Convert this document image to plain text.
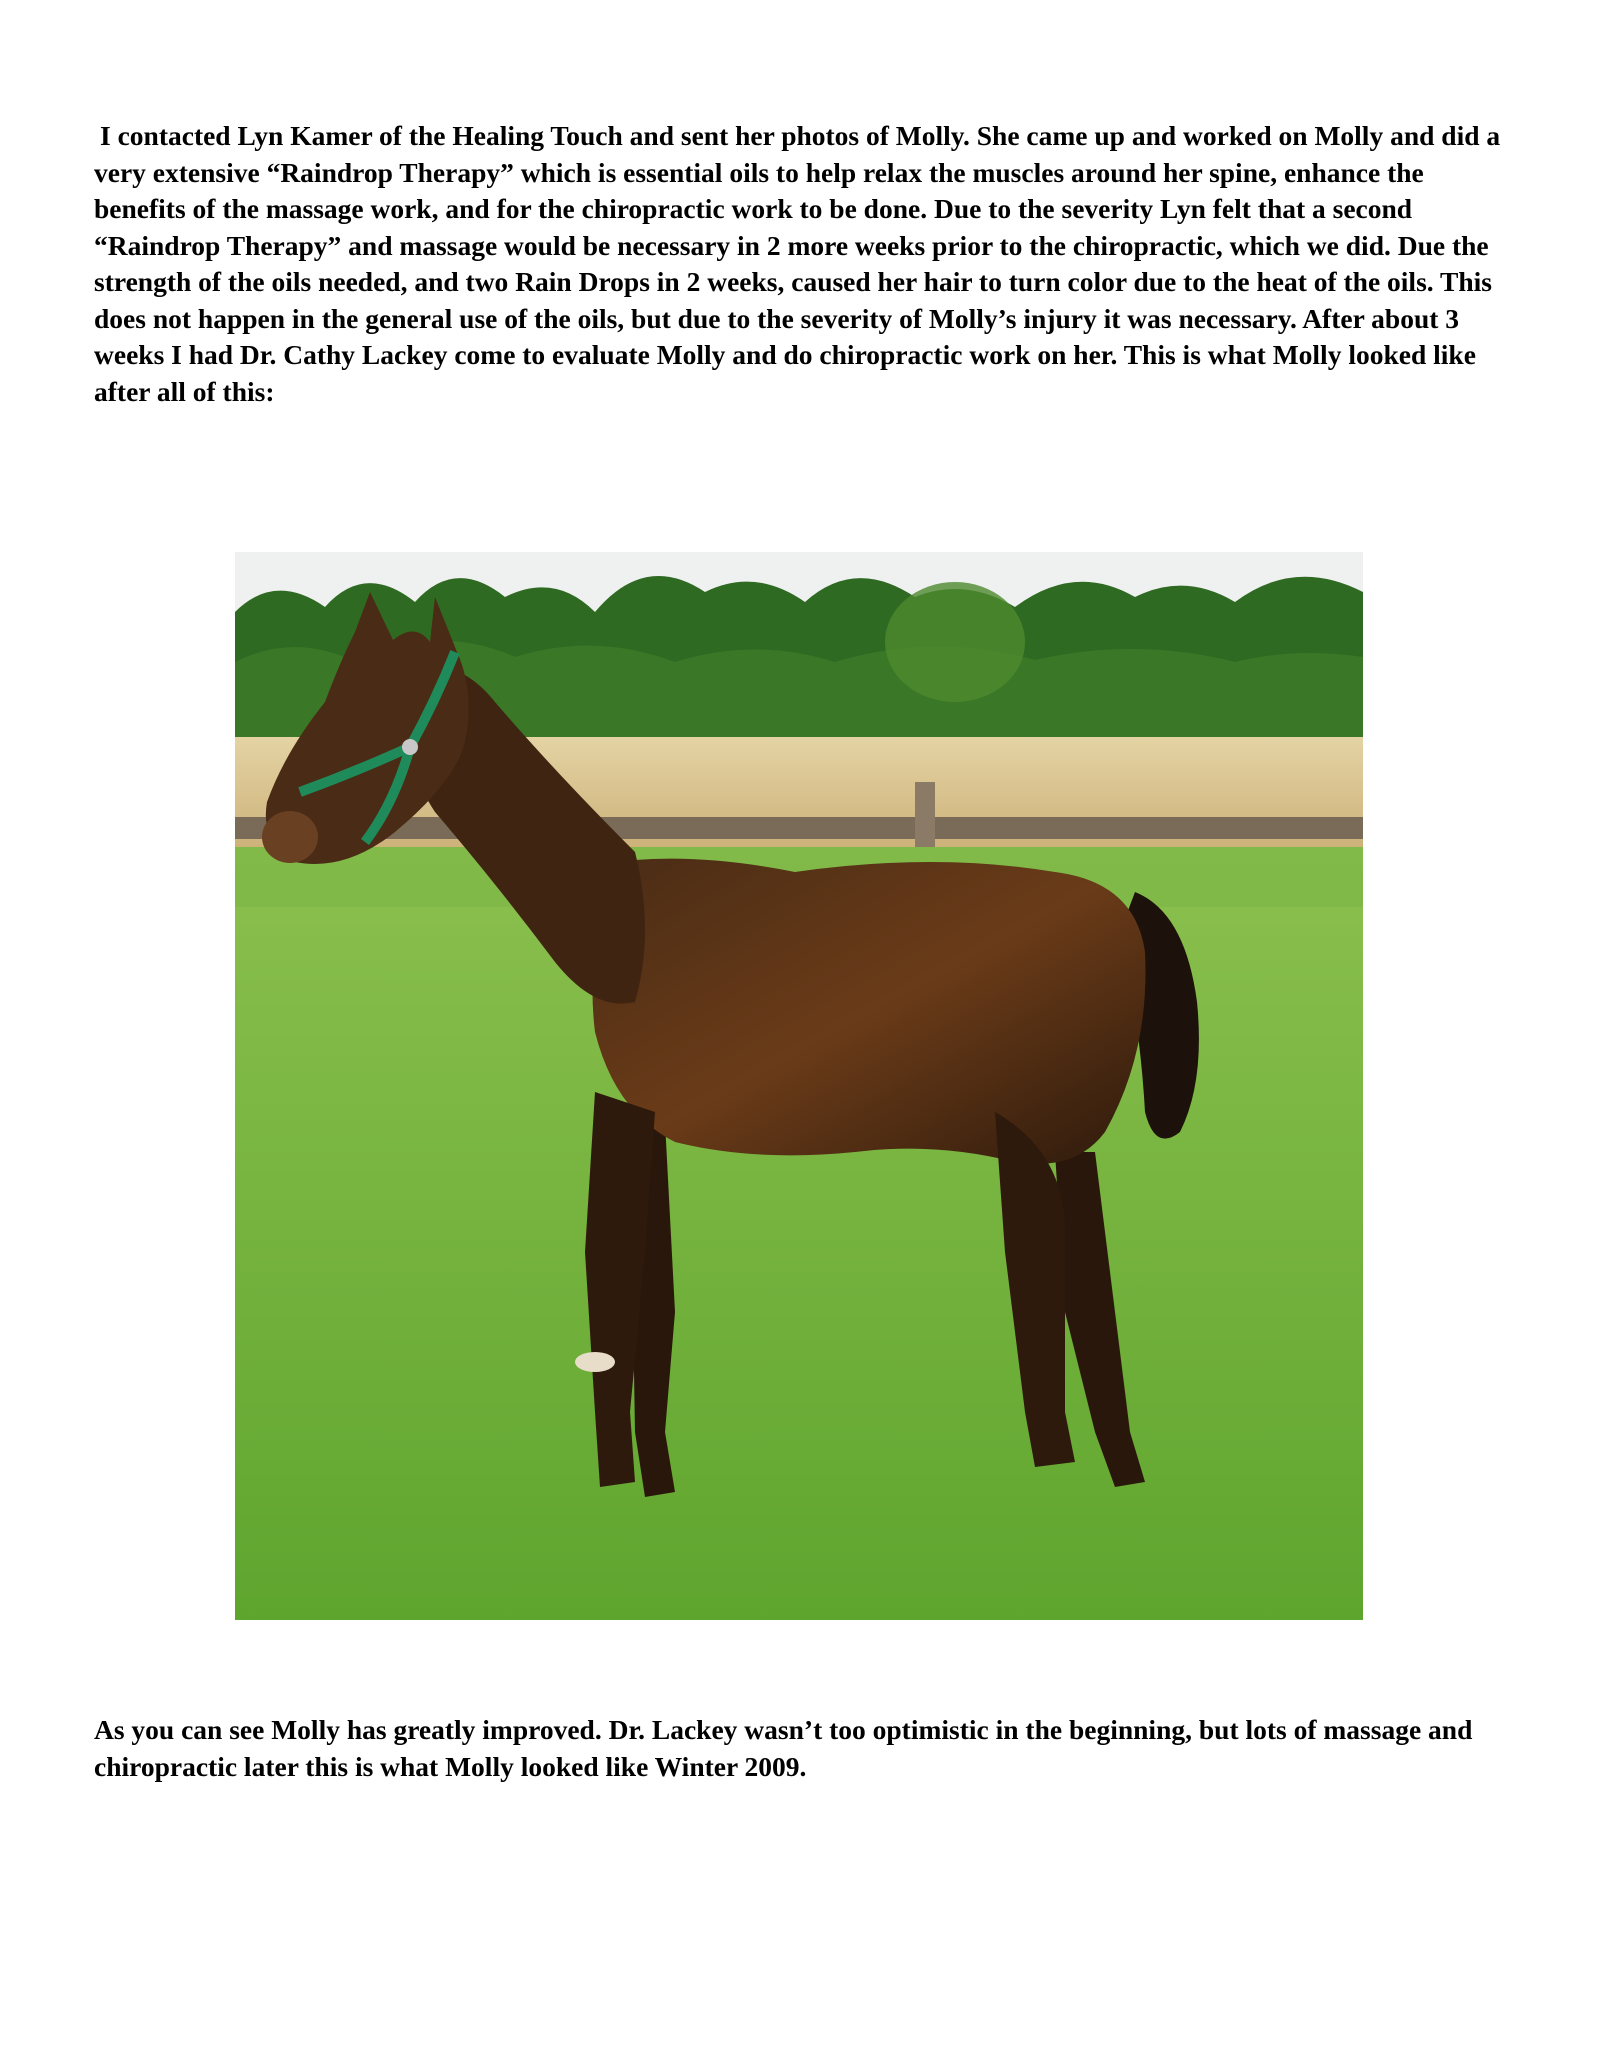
I contacted Lyn Kamer of the Healing Touch and sent her photos of Molly. She came up and worked on Molly and did a very extensive “Raindrop Therapy” which is essential oils to help relax the muscles around her spine, enhance the benefits of the massage work, and for the chiropractic work to be done. Due to the severity Lyn felt that a second “Raindrop Therapy” and massage would be necessary in 2 more weeks prior to the chiropractic, which we did. Due the strength of the oils needed, and two Rain Drops in 2 weeks, caused her hair to turn color due to the heat of the oils. This does not happen in the general use of the oils, but due to the severity of Molly’s injury it was necessary. After about 3 weeks I had Dr. Cathy Lackey come to evaluate Molly and do chiropractic work on her. This is what Molly looked like after all of this:

As you can see Molly has greatly improved. Dr. Lackey wasn’t too optimistic in the beginning, but lots of massage and chiropractic later this is what Molly looked like Winter 2009.
